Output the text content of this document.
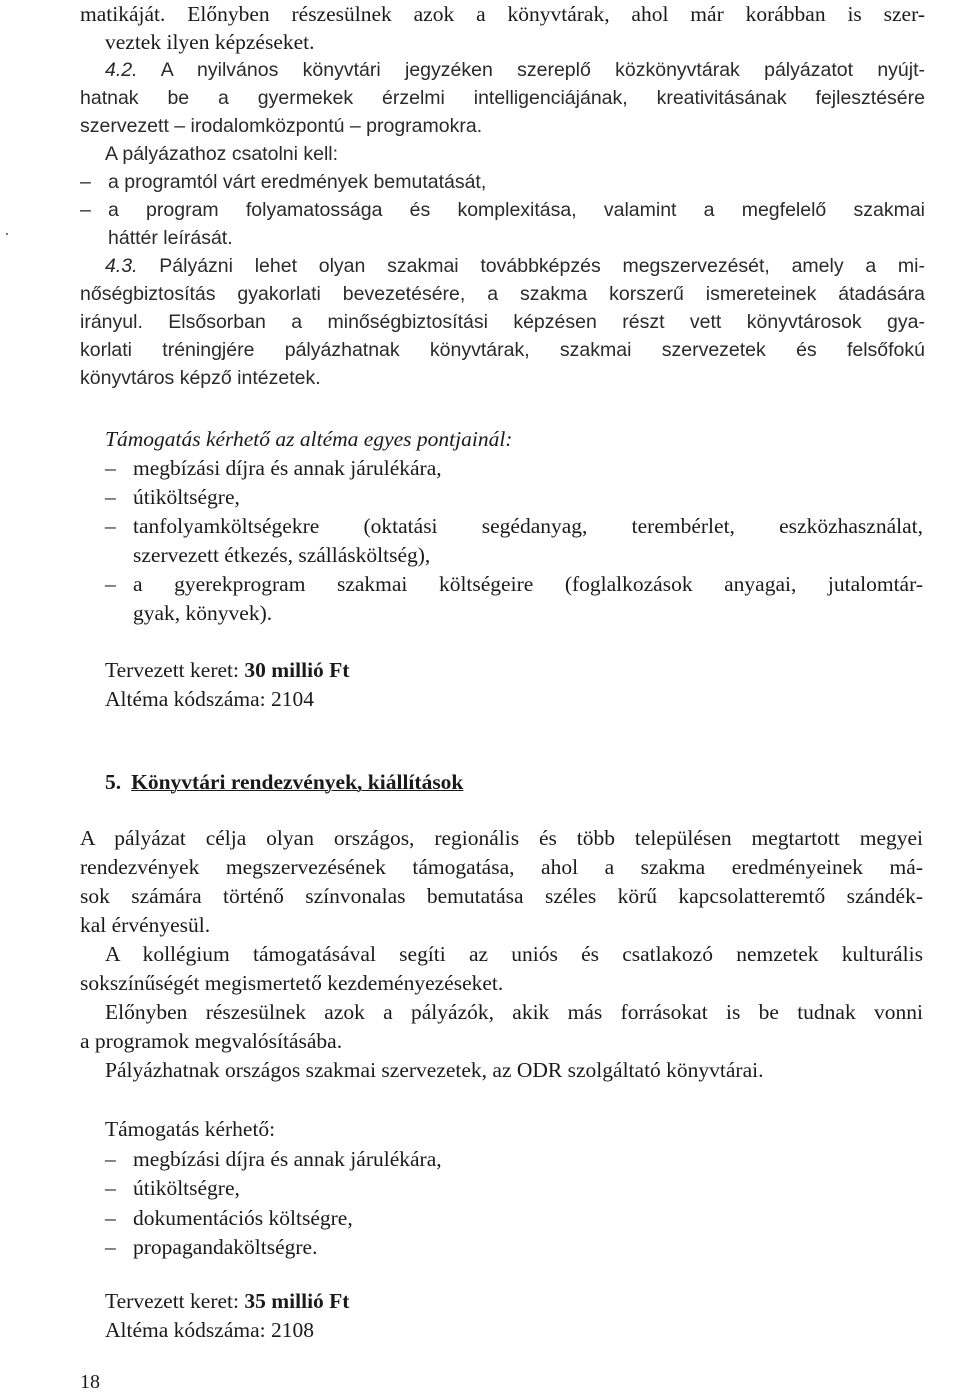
matikáját. Előnyben részesülnek azok a könyvtárak, ahol már korábban is szer-
veztek ilyen képzéseket.
4.2. A nyilvános könyvtári jegyzéken szereplő közkönyvtárak pályázatot nyújt-
hatnak be a gyermekek érzelmi intelligenciájának, kreativitásának fejlesztésére
szervezett – irodalomközpontú – programokra.
A pályázathoz csatolni kell:
– a programtól várt eredmények bemutatását,
– a program folyamatossága és komplexitása, valamint a megfelelő szakmai
háttér leírását.
4.3. Pályázni lehet olyan szakmai továbbképzés megszervezését, amely a mi-
nőségbiztosítás gyakorlati bevezetésére, a szakma korszerű ismereteinek átadására
irányul. Elsősorban a minőségbiztosítási képzésen részt vett könyvtárosok gya-
korlati tréningjére pályázhatnak könyvtárak, szakmai szervezetek és felsőfokú
könyvtáros képző intézetek.
Támogatás kérhető az altéma egyes pontjainál:
– megbízási díjra és annak járulékára,
– útiköltségre,
– tanfolyamköltségekre (oktatási segédanyag, terembérlet, eszközhasználat,
szervezett étkezés, szállásköltség),
– a gyerekprogram szakmai költségeire (foglalkozások anyagai, jutalomtár-
gyak, könyvek).
Tervezett keret: 30 millió Ft
Altéma kódszáma: 2104
5. Könyvtári rendezvények, kiállítások
A pályázat célja olyan országos, regionális és több településen megtartott megyei
rendezvények megszervezésének támogatása, ahol a szakma eredményeinek má-
sok számára történő színvonalas bemutatása széles körű kapcsolatteremtő szándék-
kal érvényesül.
A kollégium támogatásával segíti az uniós és csatlakozó nemzetek kulturális
sokszínűségét megismertető kezdeményezéseket.
Előnyben részesülnek azok a pályázók, akik más forrásokat is be tudnak vonni
a programok megvalósításába.
Pályázhatnak országos szakmai szervezetek, az ODR szolgáltató könyvtárai.
Támogatás kérhető:
– megbízási díjra és annak járulékára,
– útiköltségre,
– dokumentációs költségre,
– propagandaköltségre.
Tervezett keret: 35 millió Ft
Altéma kódszáma: 2108
18
